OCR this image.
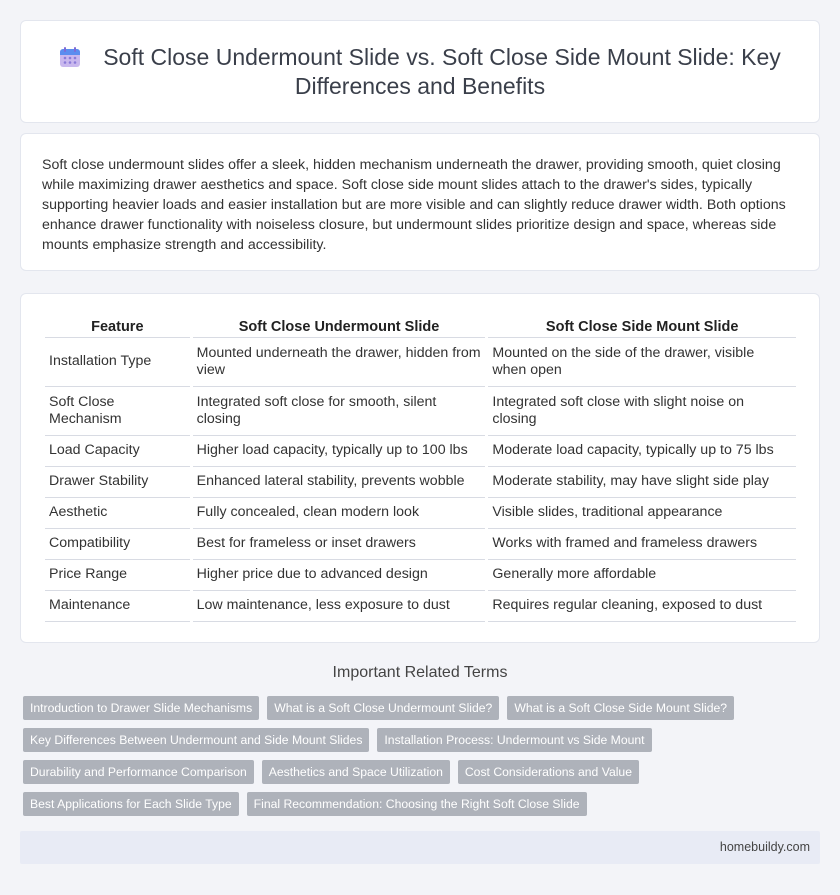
Soft Close Undermount Slide vs. Soft Close Side Mount Slide: Key Differences and Benefits

Soft close undermount slides offer a sleek, hidden mechanism underneath the drawer, providing smooth, quiet closing while maximizing drawer aesthetics and space. Soft close side mount slides attach to the drawer's sides, typically supporting heavier loads and easier installation but are more visible and can slightly reduce drawer width. Both options enhance drawer functionality with noiseless closure, but undermount slides prioritize design and space, whereas side mounts emphasize strength and accessibility.

Feature	Soft Close Undermount Slide	Soft Close Side Mount Slide
Installation Type	Mounted underneath the drawer, hidden from view	Mounted on the side of the drawer, visible when open
Soft Close Mechanism	Integrated soft close for smooth, silent closing	Integrated soft close with slight noise on closing
Load Capacity	Higher load capacity, typically up to 100 lbs	Moderate load capacity, typically up to 75 lbs
Drawer Stability	Enhanced lateral stability, prevents wobble	Moderate stability, may have slight side play
Aesthetic	Fully concealed, clean modern look	Visible slides, traditional appearance
Compatibility	Best for frameless or inset drawers	Works with framed and frameless drawers
Price Range	Higher price due to advanced design	Generally more affordable
Maintenance	Low maintenance, less exposure to dust	Requires regular cleaning, exposed to dust
Important Related Terms
Introduction to Drawer Slide Mechanisms	What is a Soft Close Undermount Slide?	What is a Soft Close Side Mount Slide?
Key Differences Between Undermount and Side Mount Slides	Installation Process: Undermount vs Side Mount
Durability and Performance Comparison	Aesthetics and Space Utilization	Cost Considerations and Value
Best Applications for Each Slide Type	Final Recommendation: Choosing the Right Soft Close Slide
homebuildy.com
